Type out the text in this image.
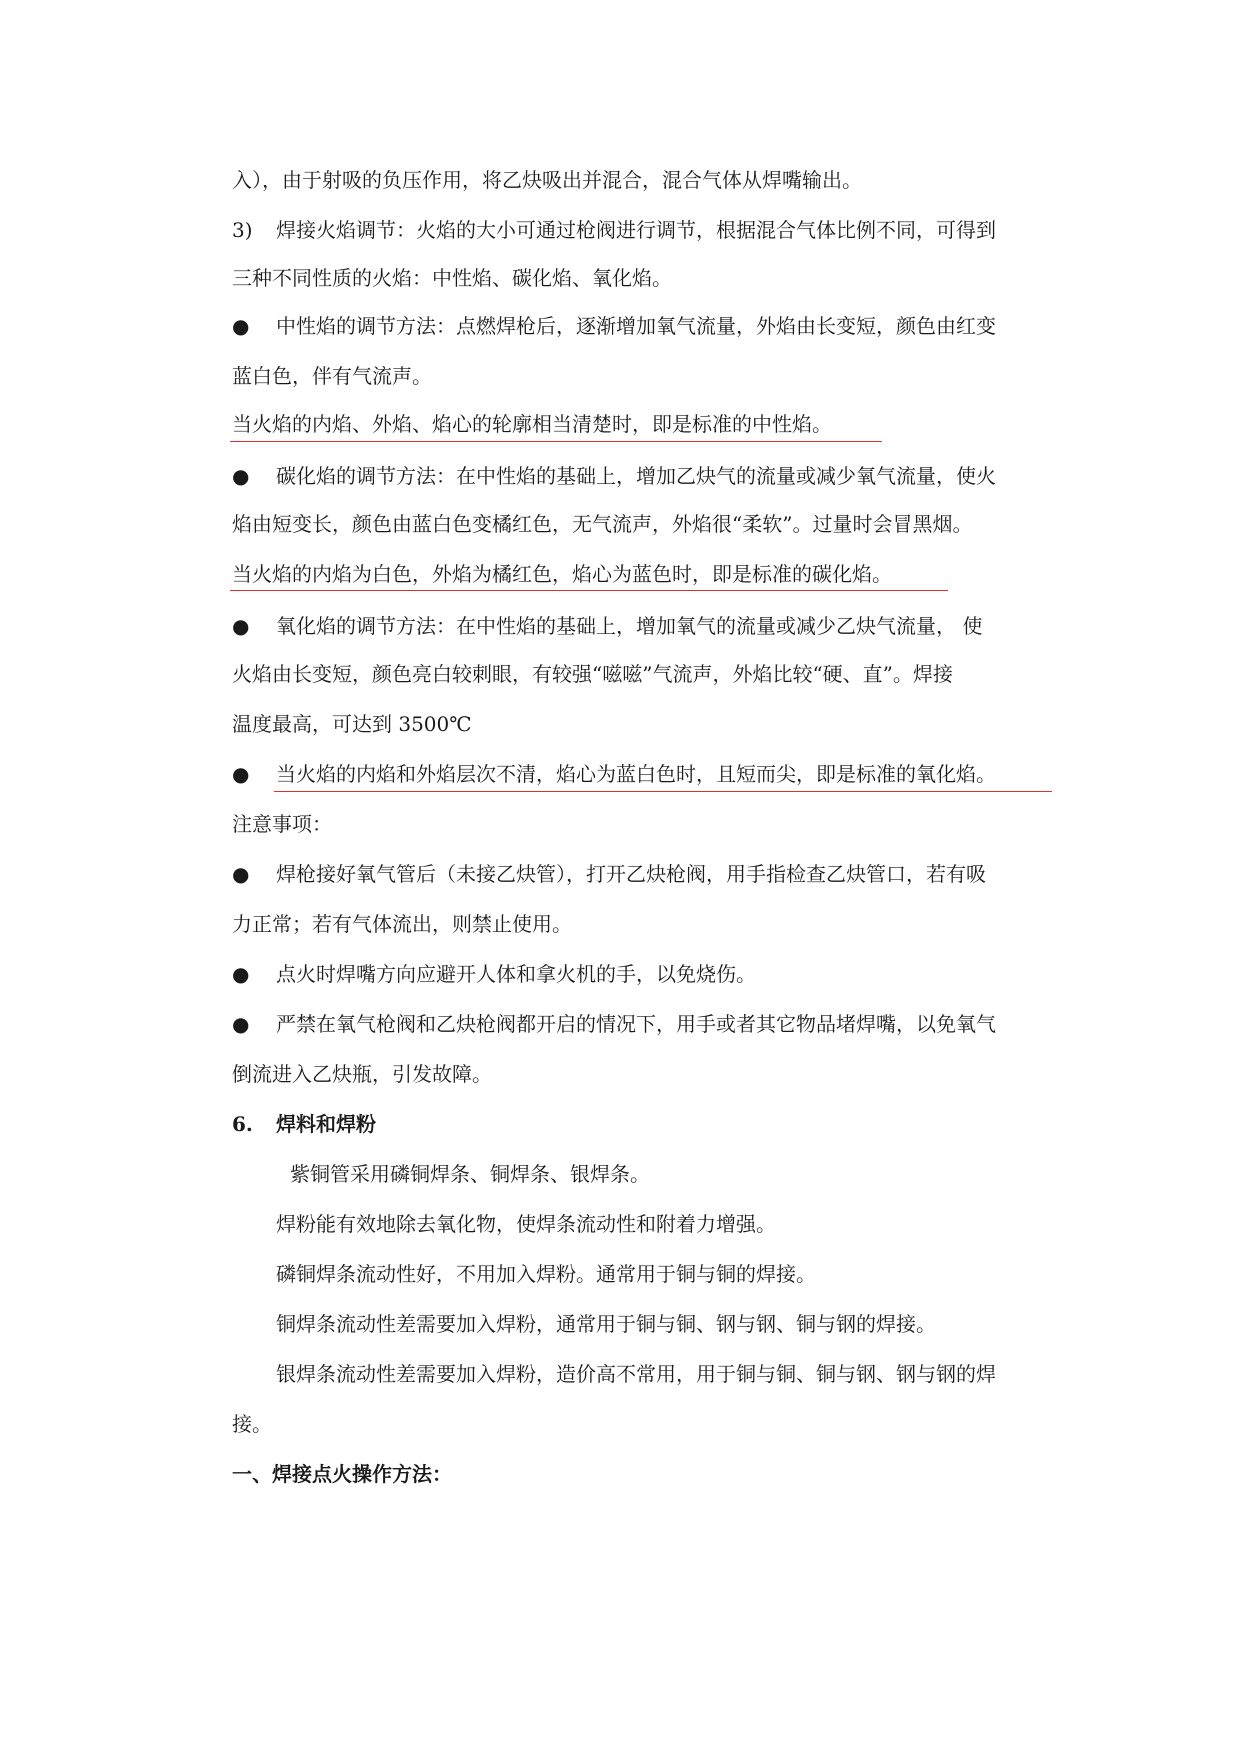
入），由于射吸的负压作用，将乙炔吸出并混合，混合气体从焊嘴输出。
3) 焊接火焰调节：火焰的大小可通过枪阀进行调节，根据混合气体比例不同，可得到
三种不同性质的火焰：中性焰、碳化焰、氧化焰。
● 中性焰的调节方法：点燃焊枪后，逐渐增加氧气流量，外焰由长变短，颜色由红变
蓝白色，伴有气流声。
当火焰的内焰、外焰、焰心的轮廓相当清楚时，即是标准的中性焰。
● 碳化焰的调节方法：在中性焰的基础上，增加乙炔气的流量或减少氧气流量，使火
焰由短变长，颜色由蓝白色变橘红色，无气流声，外焰很“柔软”。过量时会冒黑烟。
当火焰的内焰为白色，外焰为橘红色，焰心为蓝色时，即是标准的碳化焰。
● 氧化焰的调节方法：在中性焰的基础上，增加氧气的流量或减少乙炔气流量， 使
火焰由长变短，颜色亮白较刺眼，有较强“嗞嗞”气流声，外焰比较“硬、直”。焊接
温度最高，可达到 3500℃
● 当火焰的内焰和外焰层次不清，焰心为蓝白色时，且短而尖，即是标准的氧化焰。
注意事项：
● 焊枪接好氧气管后（未接乙炔管），打开乙炔枪阀，用手指检查乙炔管口，若有吸
力正常；若有气体流出，则禁止使用。
● 点火时焊嘴方向应避开人体和拿火机的手，以免烧伤。
● 严禁在氧气枪阀和乙炔枪阀都开启的情况下，用手或者其它物品堵焊嘴，以免氧气
倒流进入乙炔瓶，引发故障。
6. 焊料和焊粉
紫铜管采用磷铜焊条、铜焊条、银焊条。
焊粉能有效地除去氧化物，使焊条流动性和附着力增强。
磷铜焊条流动性好，不用加入焊粉。通常用于铜与铜的焊接。
铜焊条流动性差需要加入焊粉，通常用于铜与铜、钢与钢、铜与钢的焊接。
银焊条流动性差需要加入焊粉，造价高不常用，用于铜与铜、铜与钢、钢与钢的焊
接。
一、焊接点火操作方法：
